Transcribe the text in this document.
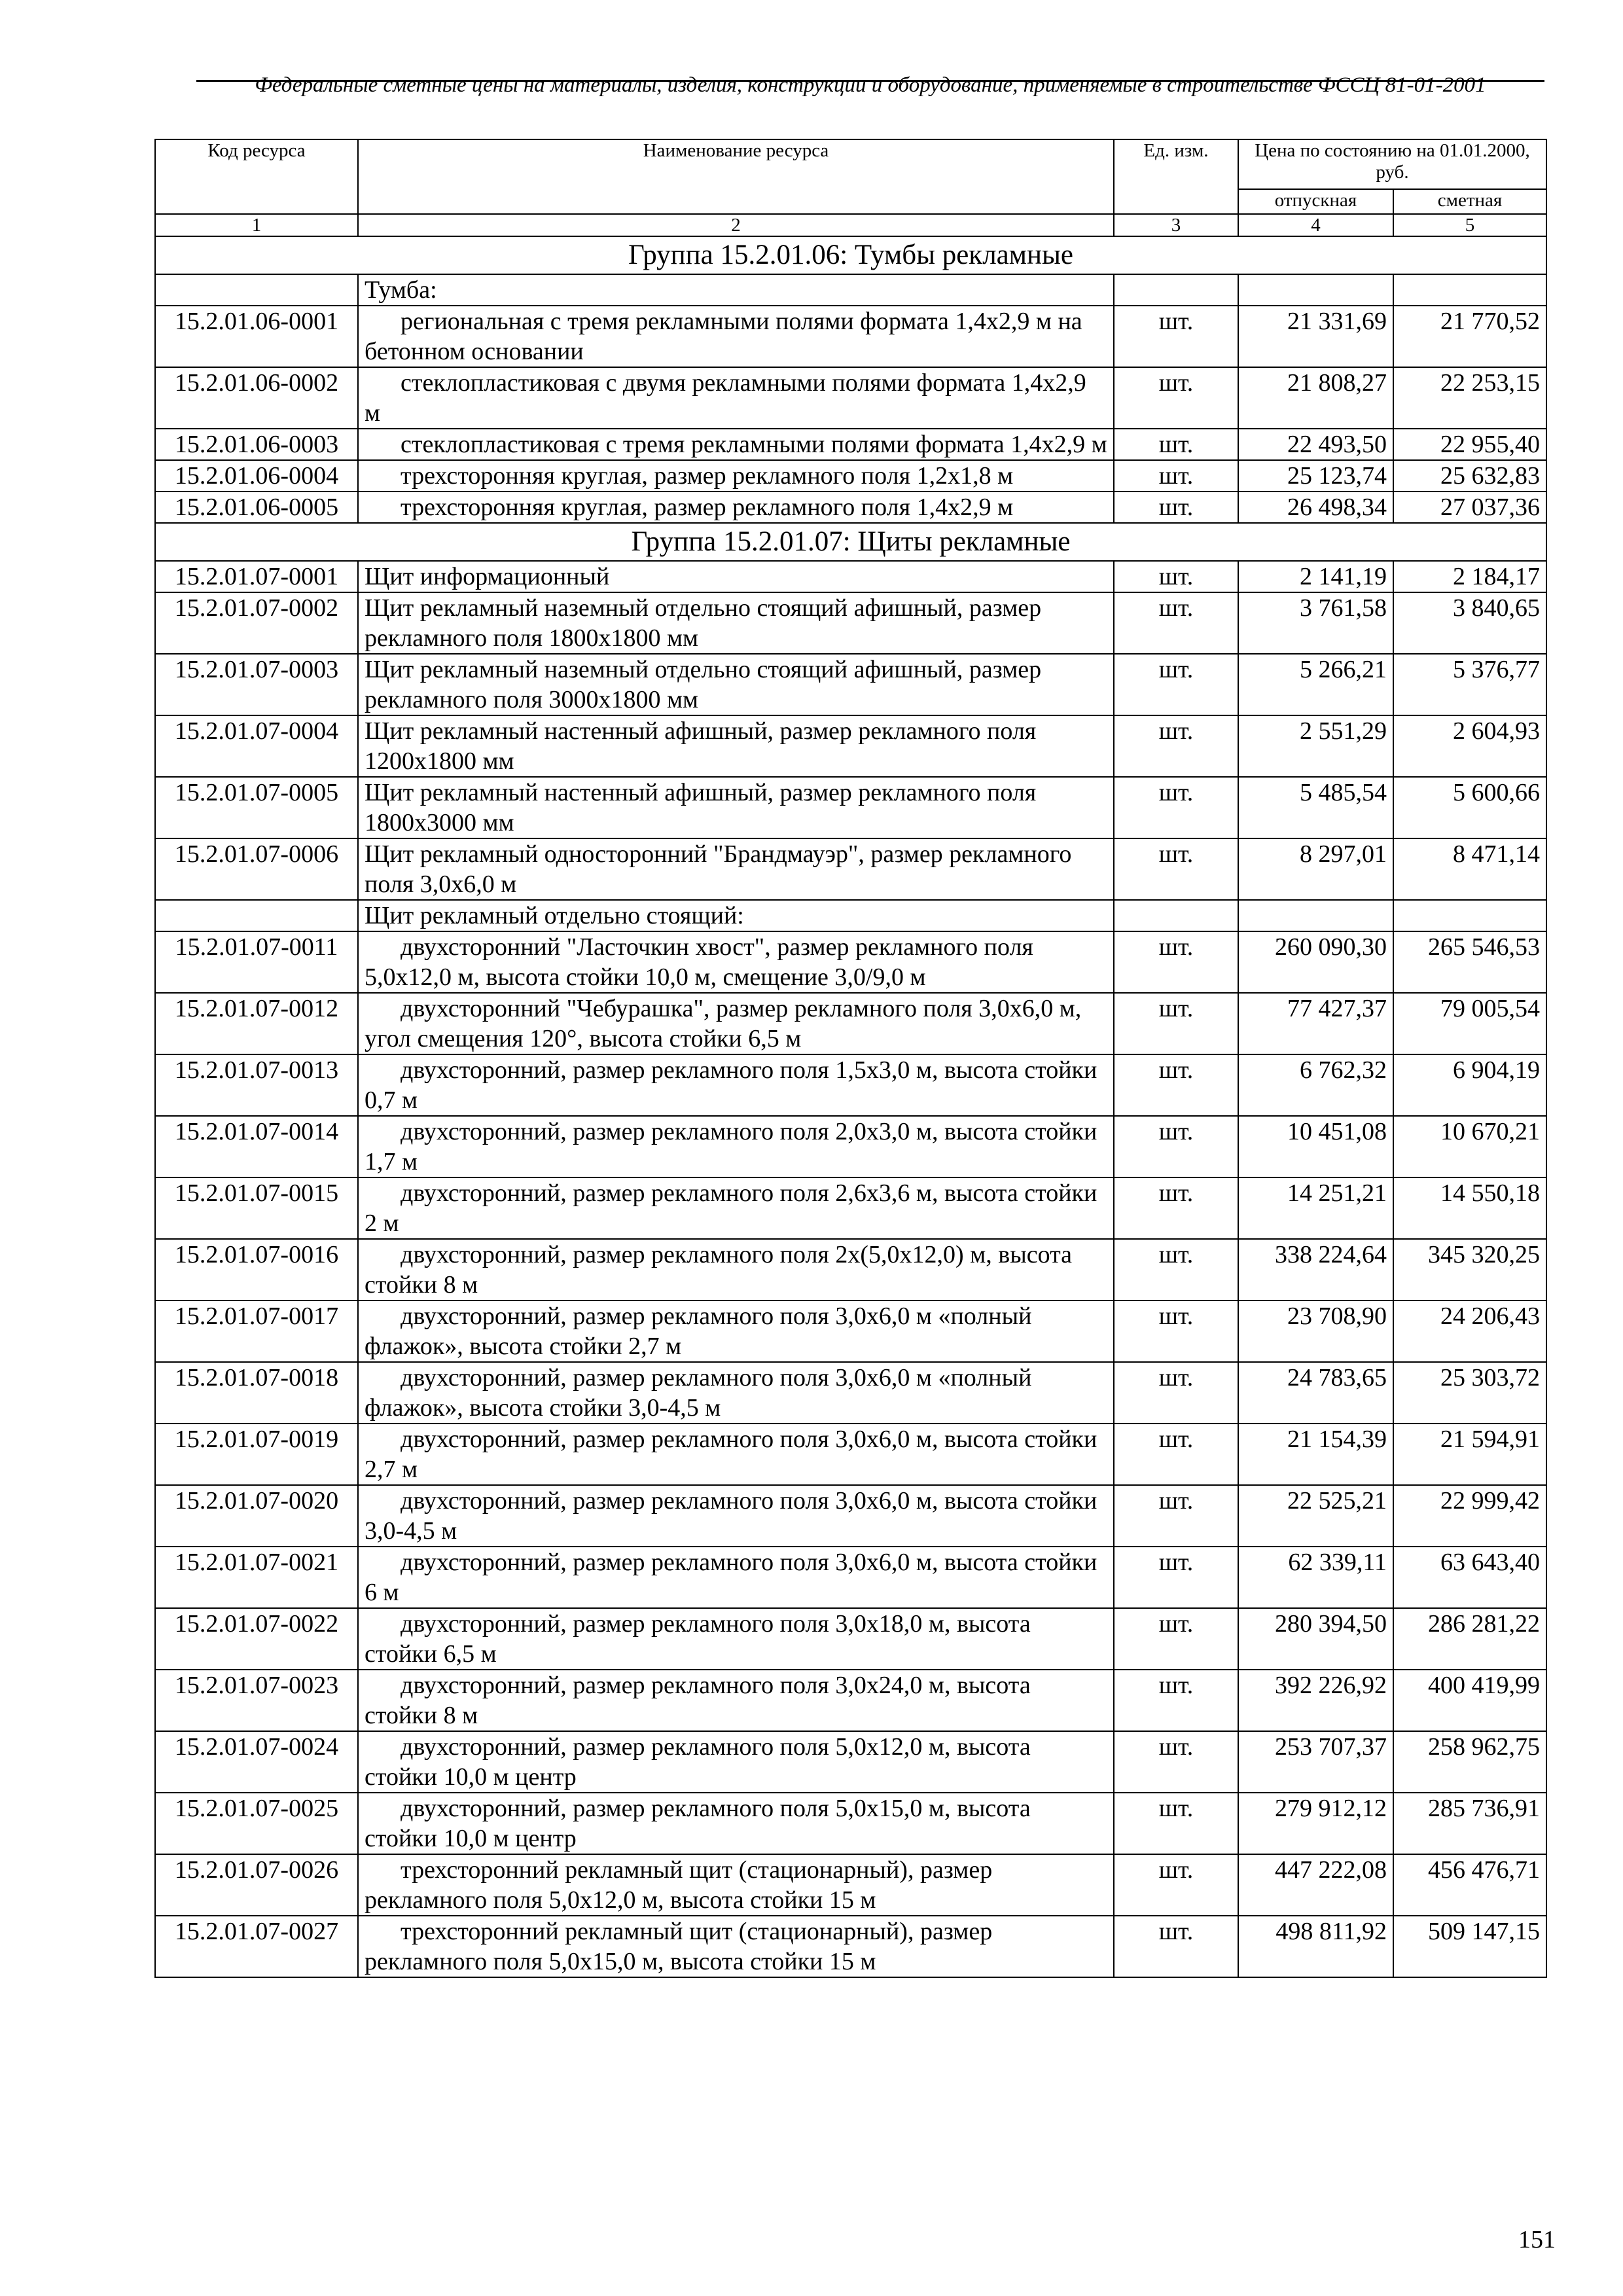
Федеральные сметные цены на материалы, изделия, конструкции и оборудование, применяемые в строительстве ФССЦ 81-01-2001
Код ресурса	Наименование ресурса	Ед. изм.	Цена по состоянию на 01.01.2000, руб.	
			отпускная	сметная
1	2	3	4	5
Группа 15.2.01.06: Тумбы рекламные				
	Тумба:			
15.2.01.06-0001	региональная с тремя рекламными полями формата 1,4х2,9 м на бетонном основании	шт.	21 331,69	21 770,52
15.2.01.06-0002	стеклопластиковая с двумя рекламными полями формата 1,4х2,9 м	шт.	21 808,27	22 253,15
15.2.01.06-0003	стеклопластиковая с тремя рекламными полями формата 1,4х2,9 м	шт.	22 493,50	22 955,40
15.2.01.06-0004	трехсторонняя круглая, размер рекламного поля 1,2х1,8 м	шт.	25 123,74	25 632,83
15.2.01.06-0005	трехсторонняя круглая, размер рекламного поля 1,4х2,9 м	шт.	26 498,34	27 037,36
Группа 15.2.01.07: Щиты рекламные				
15.2.01.07-0001	Щит информационный	шт.	2 141,19	2 184,17
15.2.01.07-0002	Щит рекламный наземный отдельно стоящий афишный, размер рекламного поля 1800х1800 мм	шт.	3 761,58	3 840,65
15.2.01.07-0003	Щит рекламный наземный отдельно стоящий афишный, размер рекламного поля 3000х1800 мм	шт.	5 266,21	5 376,77
15.2.01.07-0004	Щит рекламный настенный афишный, размер рекламного поля 1200х1800 мм	шт.	2 551,29	2 604,93
15.2.01.07-0005	Щит рекламный настенный афишный, размер рекламного поля 1800х3000 мм	шт.	5 485,54	5 600,66
15.2.01.07-0006	Щит рекламный односторонний "Брандмауэр", размер рекламного поля 3,0х6,0 м	шт.	8 297,01	8 471,14
	Щит рекламный отдельно стоящий:			
15.2.01.07-0011	двухсторонний "Ласточкин хвост", размер рекламного поля 5,0х12,0 м, высота стойки 10,0 м, смещение 3,0/9,0 м	шт.	260 090,30	265 546,53
15.2.01.07-0012	двухсторонний "Чебурашка", размер рекламного поля 3,0х6,0 м, угол смещения 120°, высота стойки 6,5 м	шт.	77 427,37	79 005,54
15.2.01.07-0013	двухсторонний, размер рекламного поля 1,5х3,0 м, высота стойки 0,7 м	шт.	6 762,32	6 904,19
15.2.01.07-0014	двухсторонний, размер рекламного поля 2,0х3,0 м, высота стойки 1,7 м	шт.	10 451,08	10 670,21
15.2.01.07-0015	двухсторонний, размер рекламного поля 2,6х3,6 м, высота стойки 2 м	шт.	14 251,21	14 550,18
15.2.01.07-0016	двухсторонний, размер рекламного поля 2х(5,0х12,0) м, высота стойки 8 м	шт.	338 224,64	345 320,25
15.2.01.07-0017	двухсторонний, размер рекламного поля 3,0х6,0 м «полный флажок», высота стойки 2,7 м	шт.	23 708,90	24 206,43
15.2.01.07-0018	двухсторонний, размер рекламного поля 3,0х6,0 м «полный флажок», высота стойки 3,0-4,5 м	шт.	24 783,65	25 303,72
15.2.01.07-0019	двухсторонний, размер рекламного поля 3,0х6,0 м, высота стойки 2,7 м	шт.	21 154,39	21 594,91
15.2.01.07-0020	двухсторонний, размер рекламного поля 3,0х6,0 м, высота стойки 3,0-4,5 м	шт.	22 525,21	22 999,42
15.2.01.07-0021	двухсторонний, размер рекламного поля 3,0х6,0 м, высота стойки 6 м	шт.	62 339,11	63 643,40
15.2.01.07-0022	двухсторонний, размер рекламного поля 3,0х18,0 м, высота стойки 6,5 м	шт.	280 394,50	286 281,22
15.2.01.07-0023	двухсторонний, размер рекламного поля 3,0х24,0 м, высота стойки 8 м	шт.	392 226,92	400 419,99
15.2.01.07-0024	двухсторонний, размер рекламного поля 5,0х12,0 м, высота стойки 10,0 м центр	шт.	253 707,37	258 962,75
15.2.01.07-0025	двухсторонний, размер рекламного поля 5,0х15,0 м, высота стойки 10,0 м центр	шт.	279 912,12	285 736,91
15.2.01.07-0026	трехсторонний рекламный щит (стационарный), размер рекламного поля 5,0х12,0 м, высота стойки 15 м	шт.	447 222,08	456 476,71
15.2.01.07-0027	трехсторонний рекламный щит (стационарный), размер рекламного поля 5,0х15,0 м, высота стойки 15 м	шт.	498 811,92	509 147,15
151
